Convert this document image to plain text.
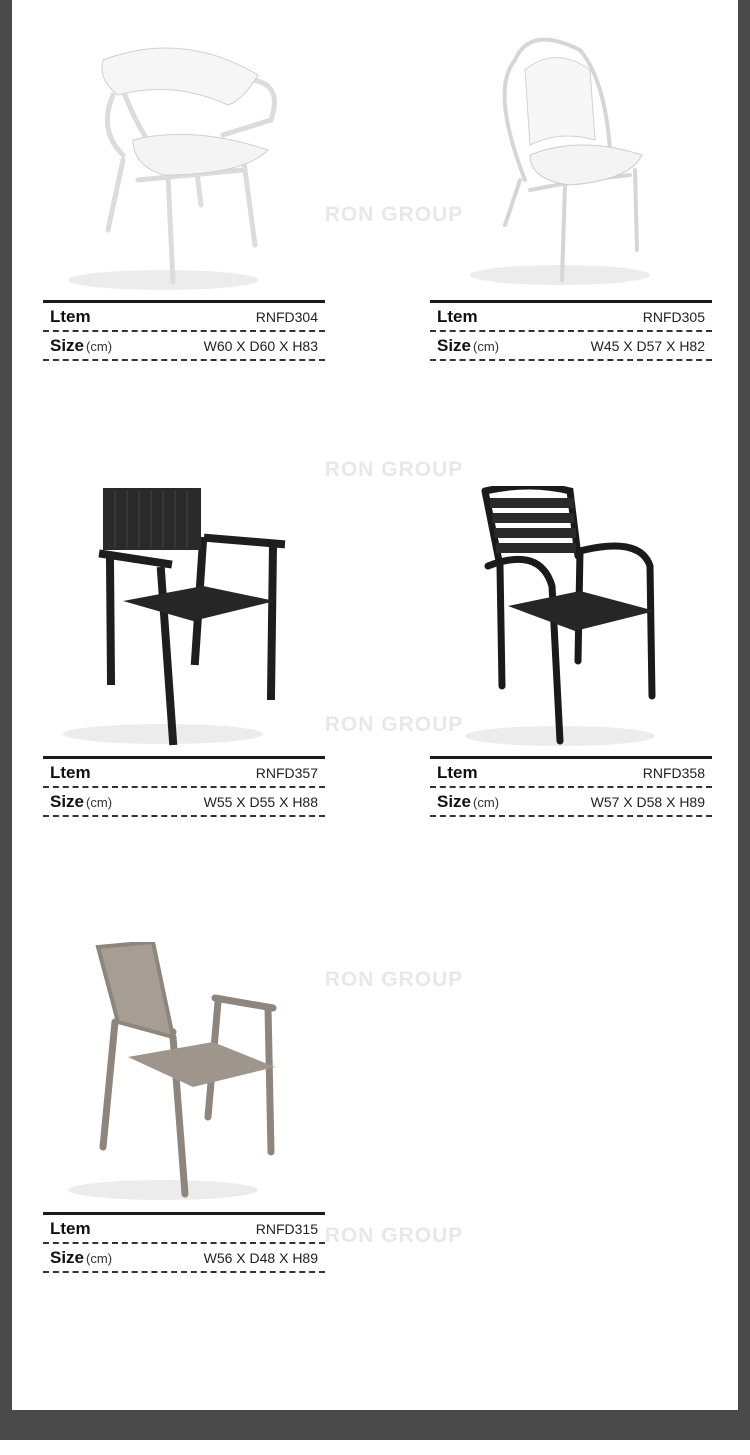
RON GROUP
RON GROUP
RON GROUP
RON GROUP
RON GROUP
Ltem	RNFD304
Size (cm)	W60 X D60 X H83
Ltem	RNFD305
Size (cm)	W45 X D57 X H82
Ltem	RNFD357
Size (cm)	W55 X D55 X H88
Ltem	RNFD358
Size (cm)	W57 X D58 X H89
Ltem	RNFD315
Size (cm)	W56 X D48 X H89
